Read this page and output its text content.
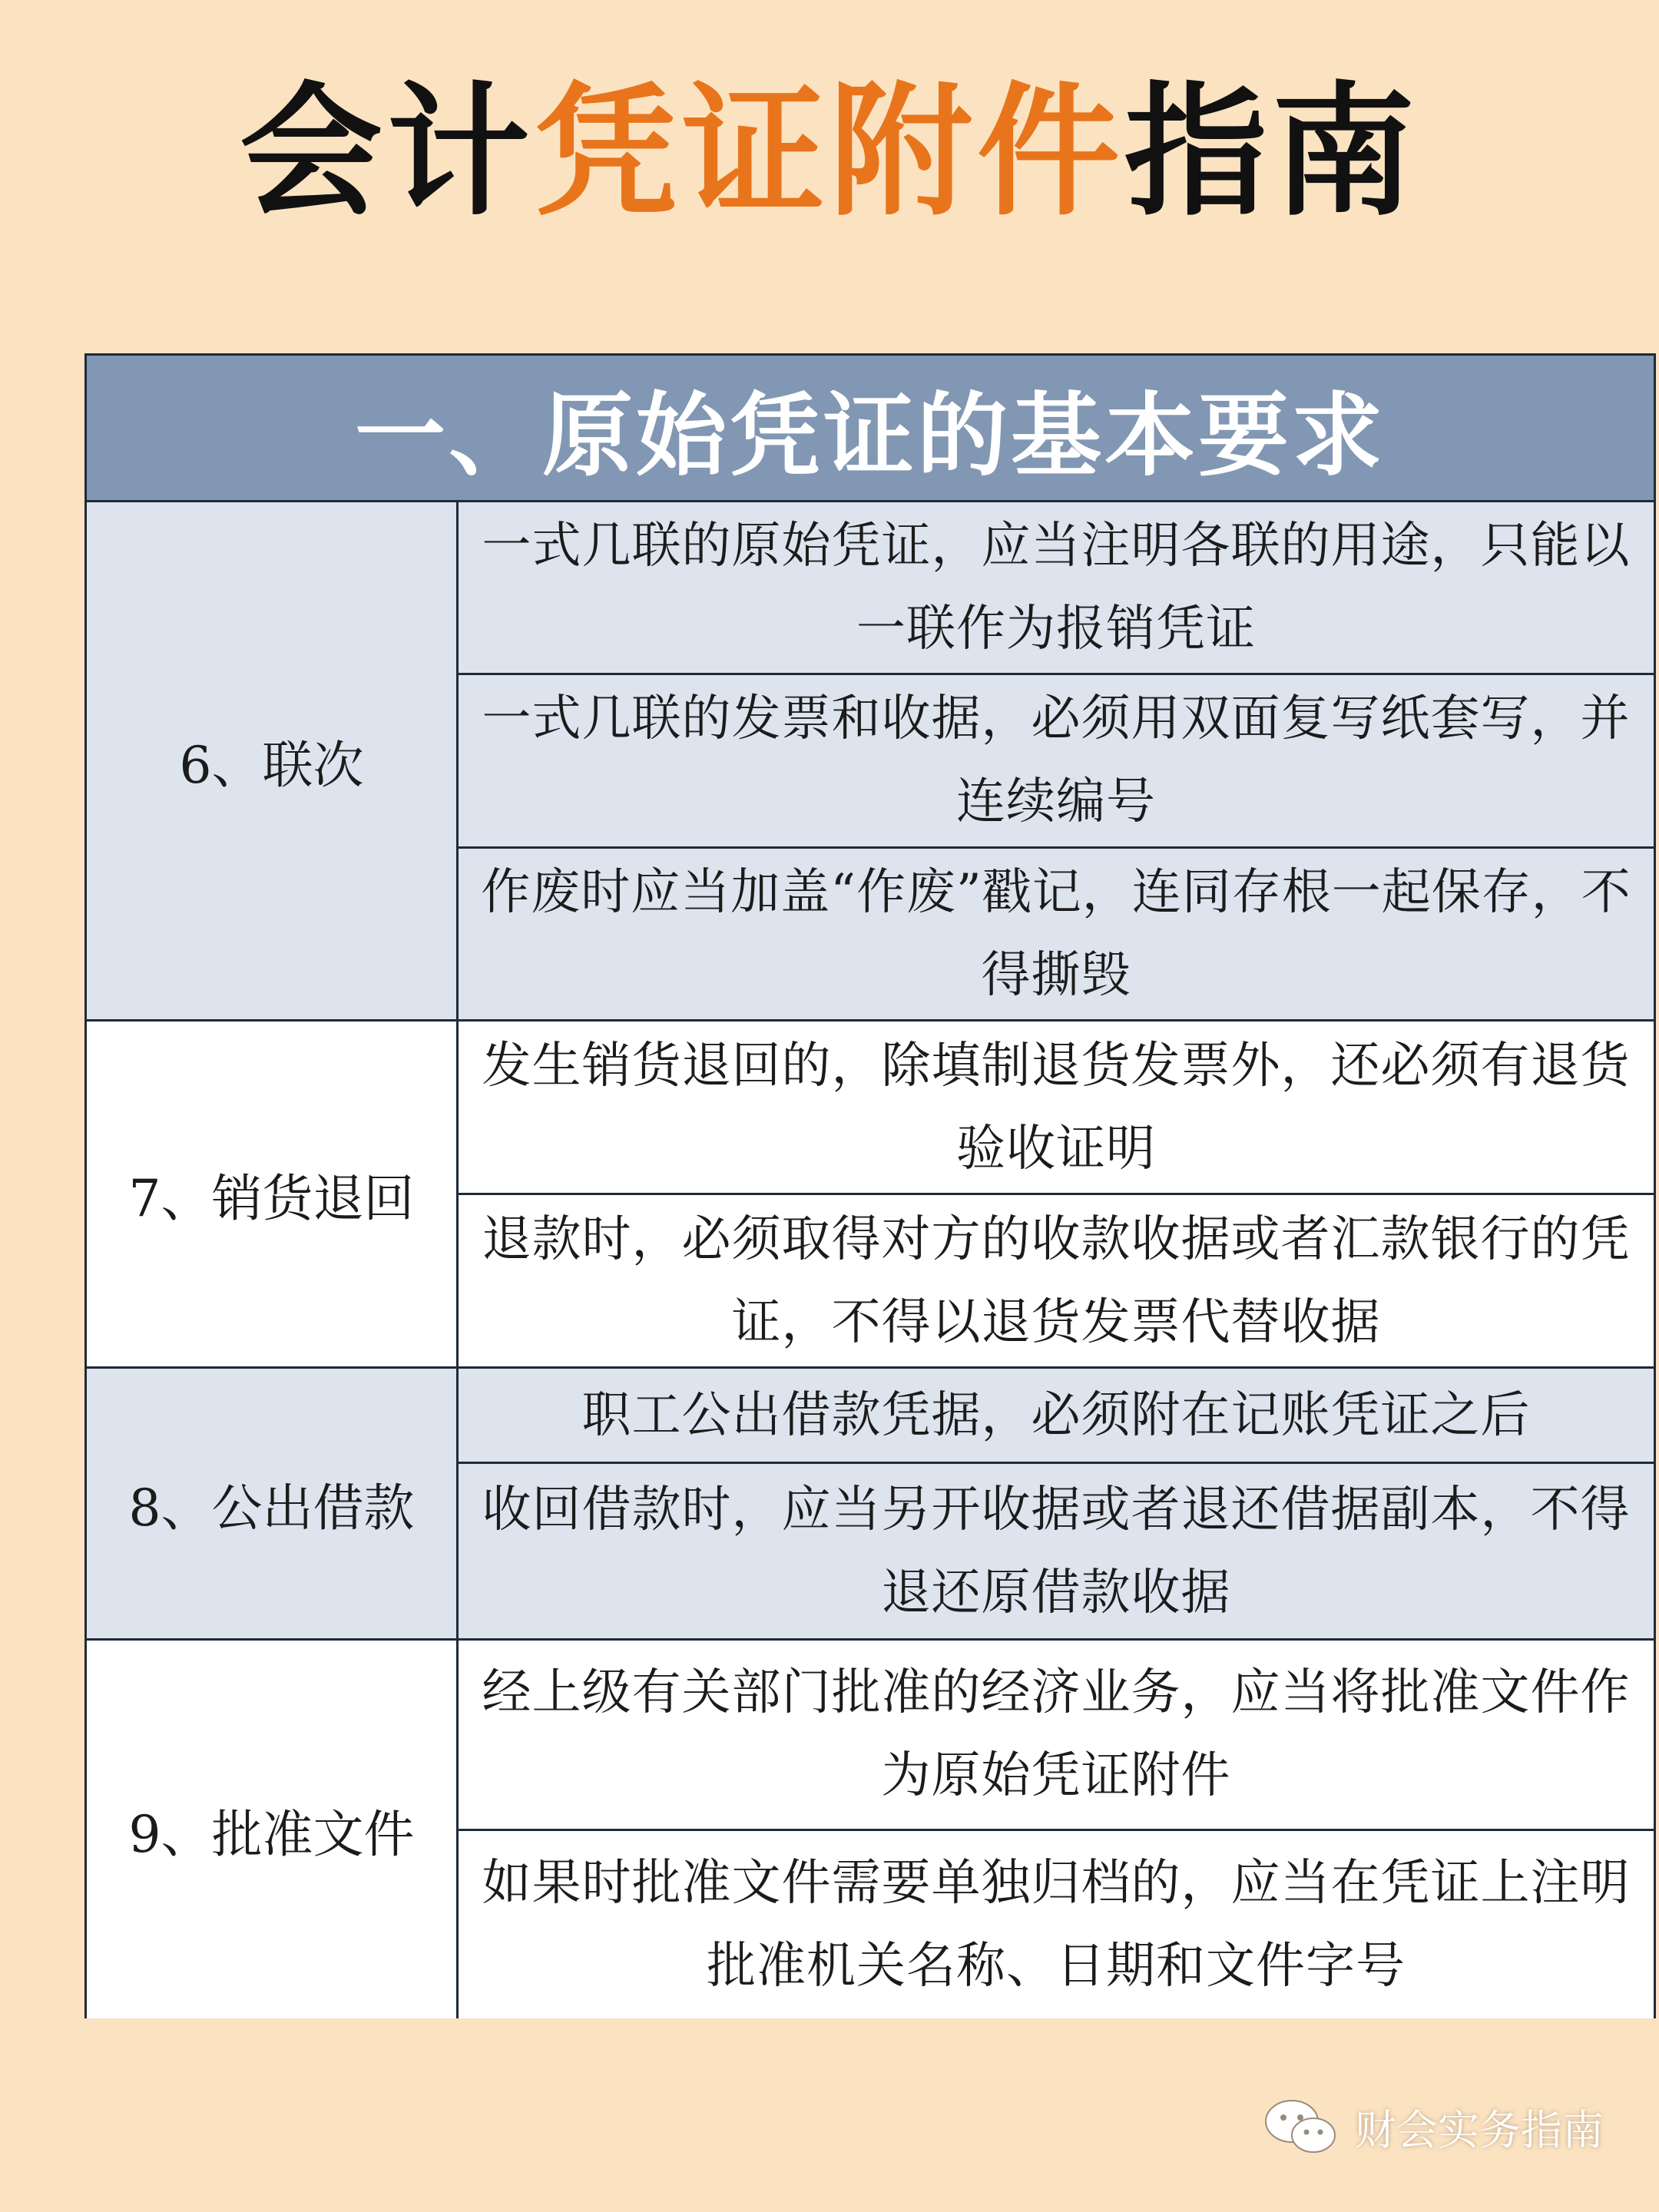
会计凭证附件指南
一、原始凭证的基本要求
6、联次
一式几联的原始凭证，应当注明各联的用途，只能以一联作为报销凭证
一式几联的发票和收据，必须用双面复写纸套写，并连续编号
作废时应当加盖“作废”戳记，连同存根一起保存，不得撕毁
7、销货退回
发生销货退回的，除填制退货发票外，还必须有退货验收证明
退款时，必须取得对方的收款收据或者汇款银行的凭证，不得以退货发票代替收据
8、公出借款
职工公出借款凭据，必须附在记账凭证之后
收回借款时，应当另开收据或者退还借据副本，不得退还原借款收据
9、批准文件
经上级有关部门批准的经济业务，应当将批准文件作为原始凭证附件
如果时批准文件需要单独归档的，应当在凭证上注明批准机关名称、日期和文件字号
财会实务指南
